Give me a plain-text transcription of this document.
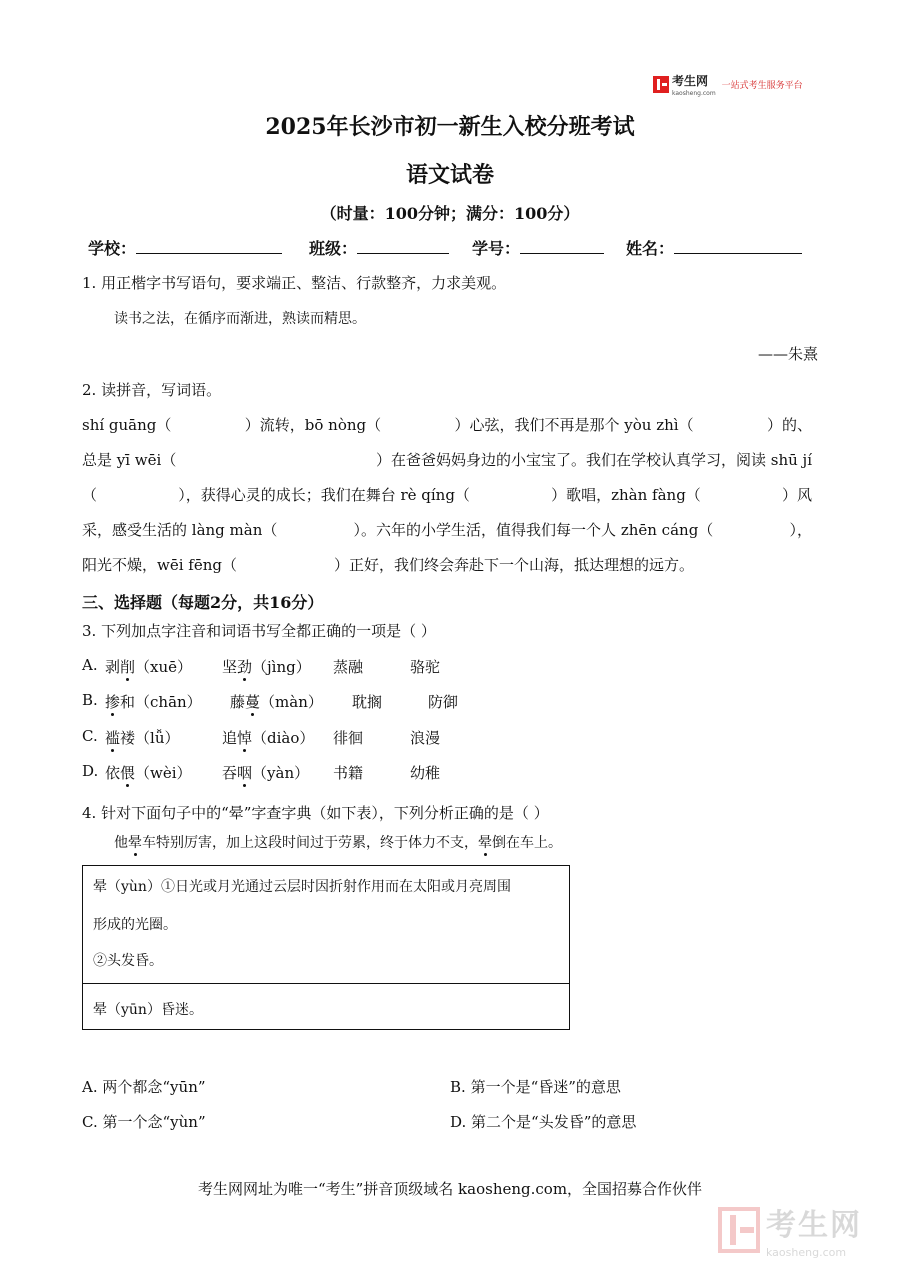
考生网
kaosheng.com
一站式考生服务平台
2025年长沙市初一新生入校分班考试
语文试卷
（时量：100分钟；满分：100分）
学校：	班级：	学号：	姓名：
1. 用正楷字书写语句，要求端正、整洁、行款整齐，力求美观。
读书之法，在循序而渐进，熟读而精思。
——朱熹
2. 读拼音，写词语。
shí guāng（	）流转，bō nòng（	）心弦，我们不再是那个 yòu zhì（	）的、
总是 yī wēi（	）在爸爸妈妈身边的小宝宝了。我们在学校认真学习，阅读 shū jí
（	），获得心灵的成长；我们在舞台 rè qíng（	）歌唱，zhàn fàng（	）风
采，感受生活的 làng màn（	）。六年的小学生活，值得我们每一个人 zhēn cáng（	），
阳光不燥，wēi fēng（	）正好，我们终会奔赴下一个山海，抵达理想的远方。
三、选择题（每题2分，共16分）
3. 下列加点字注音和词语书写全都正确的一项是（ ）
A. 剥削（xuē） 坚劲（jìng） 蒸融	骆驼
B. 掺和（chān） 藤蔓（màn） 耽搁	防御
C. 褴褛（lǚ）	追悼（diào） 徘徊	浪漫
D. 依偎（wèi） 吞咽（yàn） 书籍	幼稚
4. 针对下面句子中的“晕”字查字典（如下表），下列分析正确的是（ ）
他晕车特别厉害，加上这段时间过于劳累，终于体力不支，晕倒在车上。
晕（yùn）①日光或月光通过云层时因折射作用而在太阳或月亮周围
形成的光圈。
②头发昏。
晕（yūn）昏迷。
A. 两个都念“yūn”	B. 第一个是“昏迷”的意思
C. 第一个念“yùn”	D. 第二个是“头发昏”的意思
考生网网址为唯一“考生”拼音顶级域名 kaosheng.com，全国招募合作伙伴
考生网
kaosheng.com
